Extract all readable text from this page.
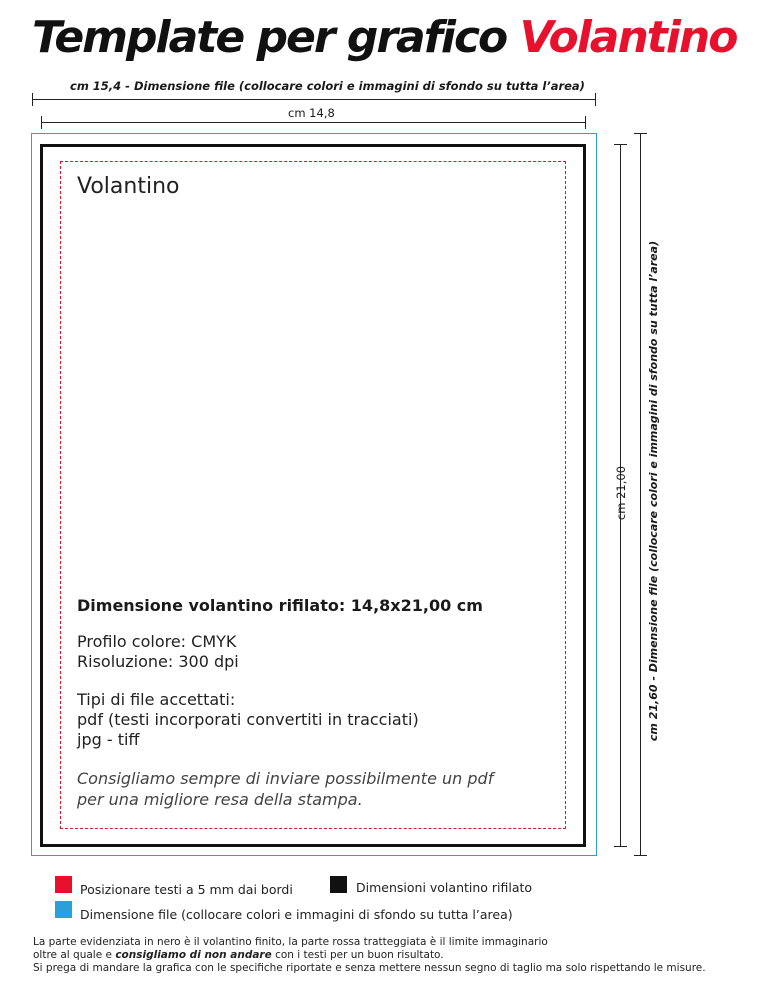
Template per grafico Volantino
cm 15,4 - Dimensione file (collocare colori e immagini di sfondo su tutta l’area)
cm 14,8
cm 21,00 cm 21,60 - Dimensione file (collocare colori e immagini di sfondo su tutta l’area)
Volantino
Dimensione volantino rifilato: 14,8x21,00 cm
Profilo colore: CMYK
Risoluzione: 300 dpi
Tipi di file accettati:
pdf (testi incorporati convertiti in tracciati)
jpg - tiff
Consigliamo sempre di inviare possibilmente un pdf
per una migliore resa della stampa.
Posizionare testi a 5 mm dai bordi	Dimensioni volantino rifilato
Dimensione file (collocare colori e immagini di sfondo su tutta l’area)
La parte evidenziata in nero è il volantino finito, la parte rossa tratteggiata è il limite immaginario
oltre al quale e consigliamo di non andare con i testi per un buon risultato.
Si prega di mandare la grafica con le specifiche riportate e senza mettere nessun segno di taglio ma solo rispettando le misure.
